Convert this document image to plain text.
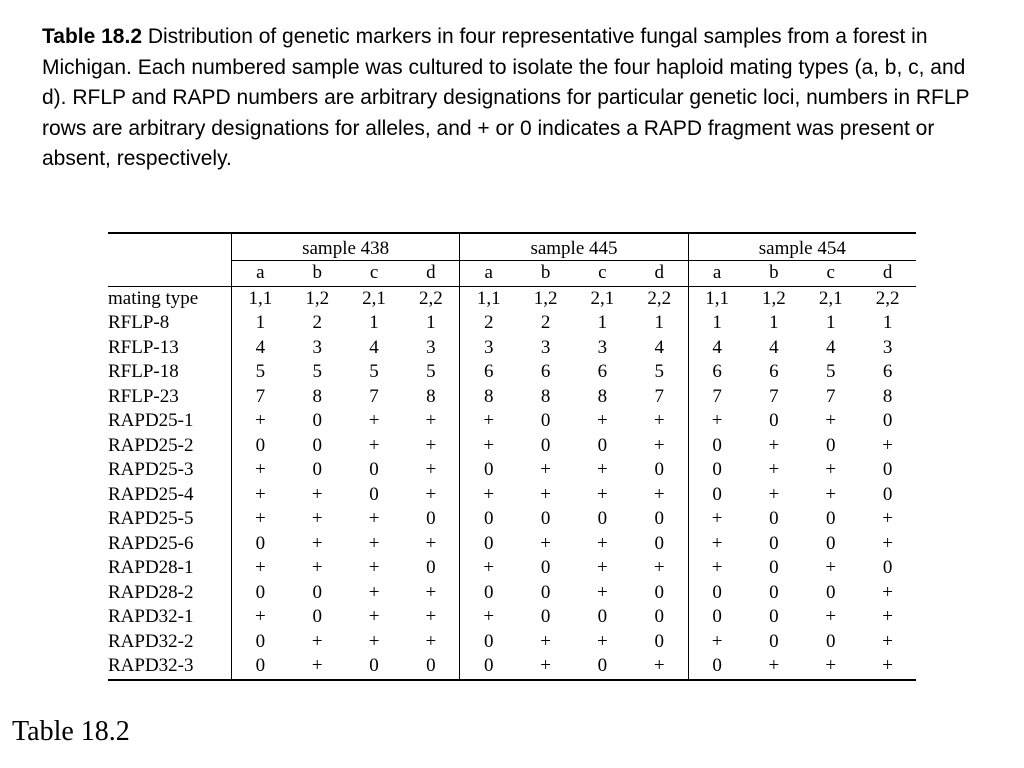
Table 18.2 Distribution of genetic markers in four representative fungal samples from a forest in Michigan. Each numbered sample was cultured to isolate the four haploid mating types (a, b, c, and d). RFLP and RAPD numbers are arbitrary designations for particular genetic loci, numbers in RFLP rows are arbitrary designations for alleles, and + or 0 indicates a RAPD fragment was present or absent, respectively.
	sample 438				sample 445				sample 454			
	a	b	c	d	a	b	c	d	a	b	c	d
mating type	1,1	1,2	2,1	2,2	1,1	1,2	2,1	2,2	1,1	1,2	2,1	2,2
RFLP-8	1	2	1	1	2	2	1	1	1	1	1	1
RFLP-13	4	3	4	3	3	3	3	4	4	4	4	3
RFLP-18	5	5	5	5	6	6	6	5	6	6	5	6
RFLP-23	7	8	7	8	8	8	8	7	7	7	7	8
RAPD25-1	+	0	+	+	+	0	+	+	+	0	+	0
RAPD25-2	0	0	+	+	+	0	0	+	0	+	0	+
RAPD25-3	+	0	0	+	0	+	+	0	0	+	+	0
RAPD25-4	+	+	0	+	+	+	+	+	0	+	+	0
RAPD25-5	+	+	+	0	0	0	0	0	+	0	0	+
RAPD25-6	0	+	+	+	0	+	+	0	+	0	0	+
RAPD28-1	+	+	+	0	+	0	+	+	+	0	+	0
RAPD28-2	0	0	+	+	0	0	+	0	0	0	0	+
RAPD32-1	+	0	+	+	+	0	0	0	0	0	+	+
RAPD32-2	0	+	+	+	0	+	+	0	+	0	0	+
RAPD32-3	0	+	0	0	0	+	0	+	0	+	+	+
Table 18.2
